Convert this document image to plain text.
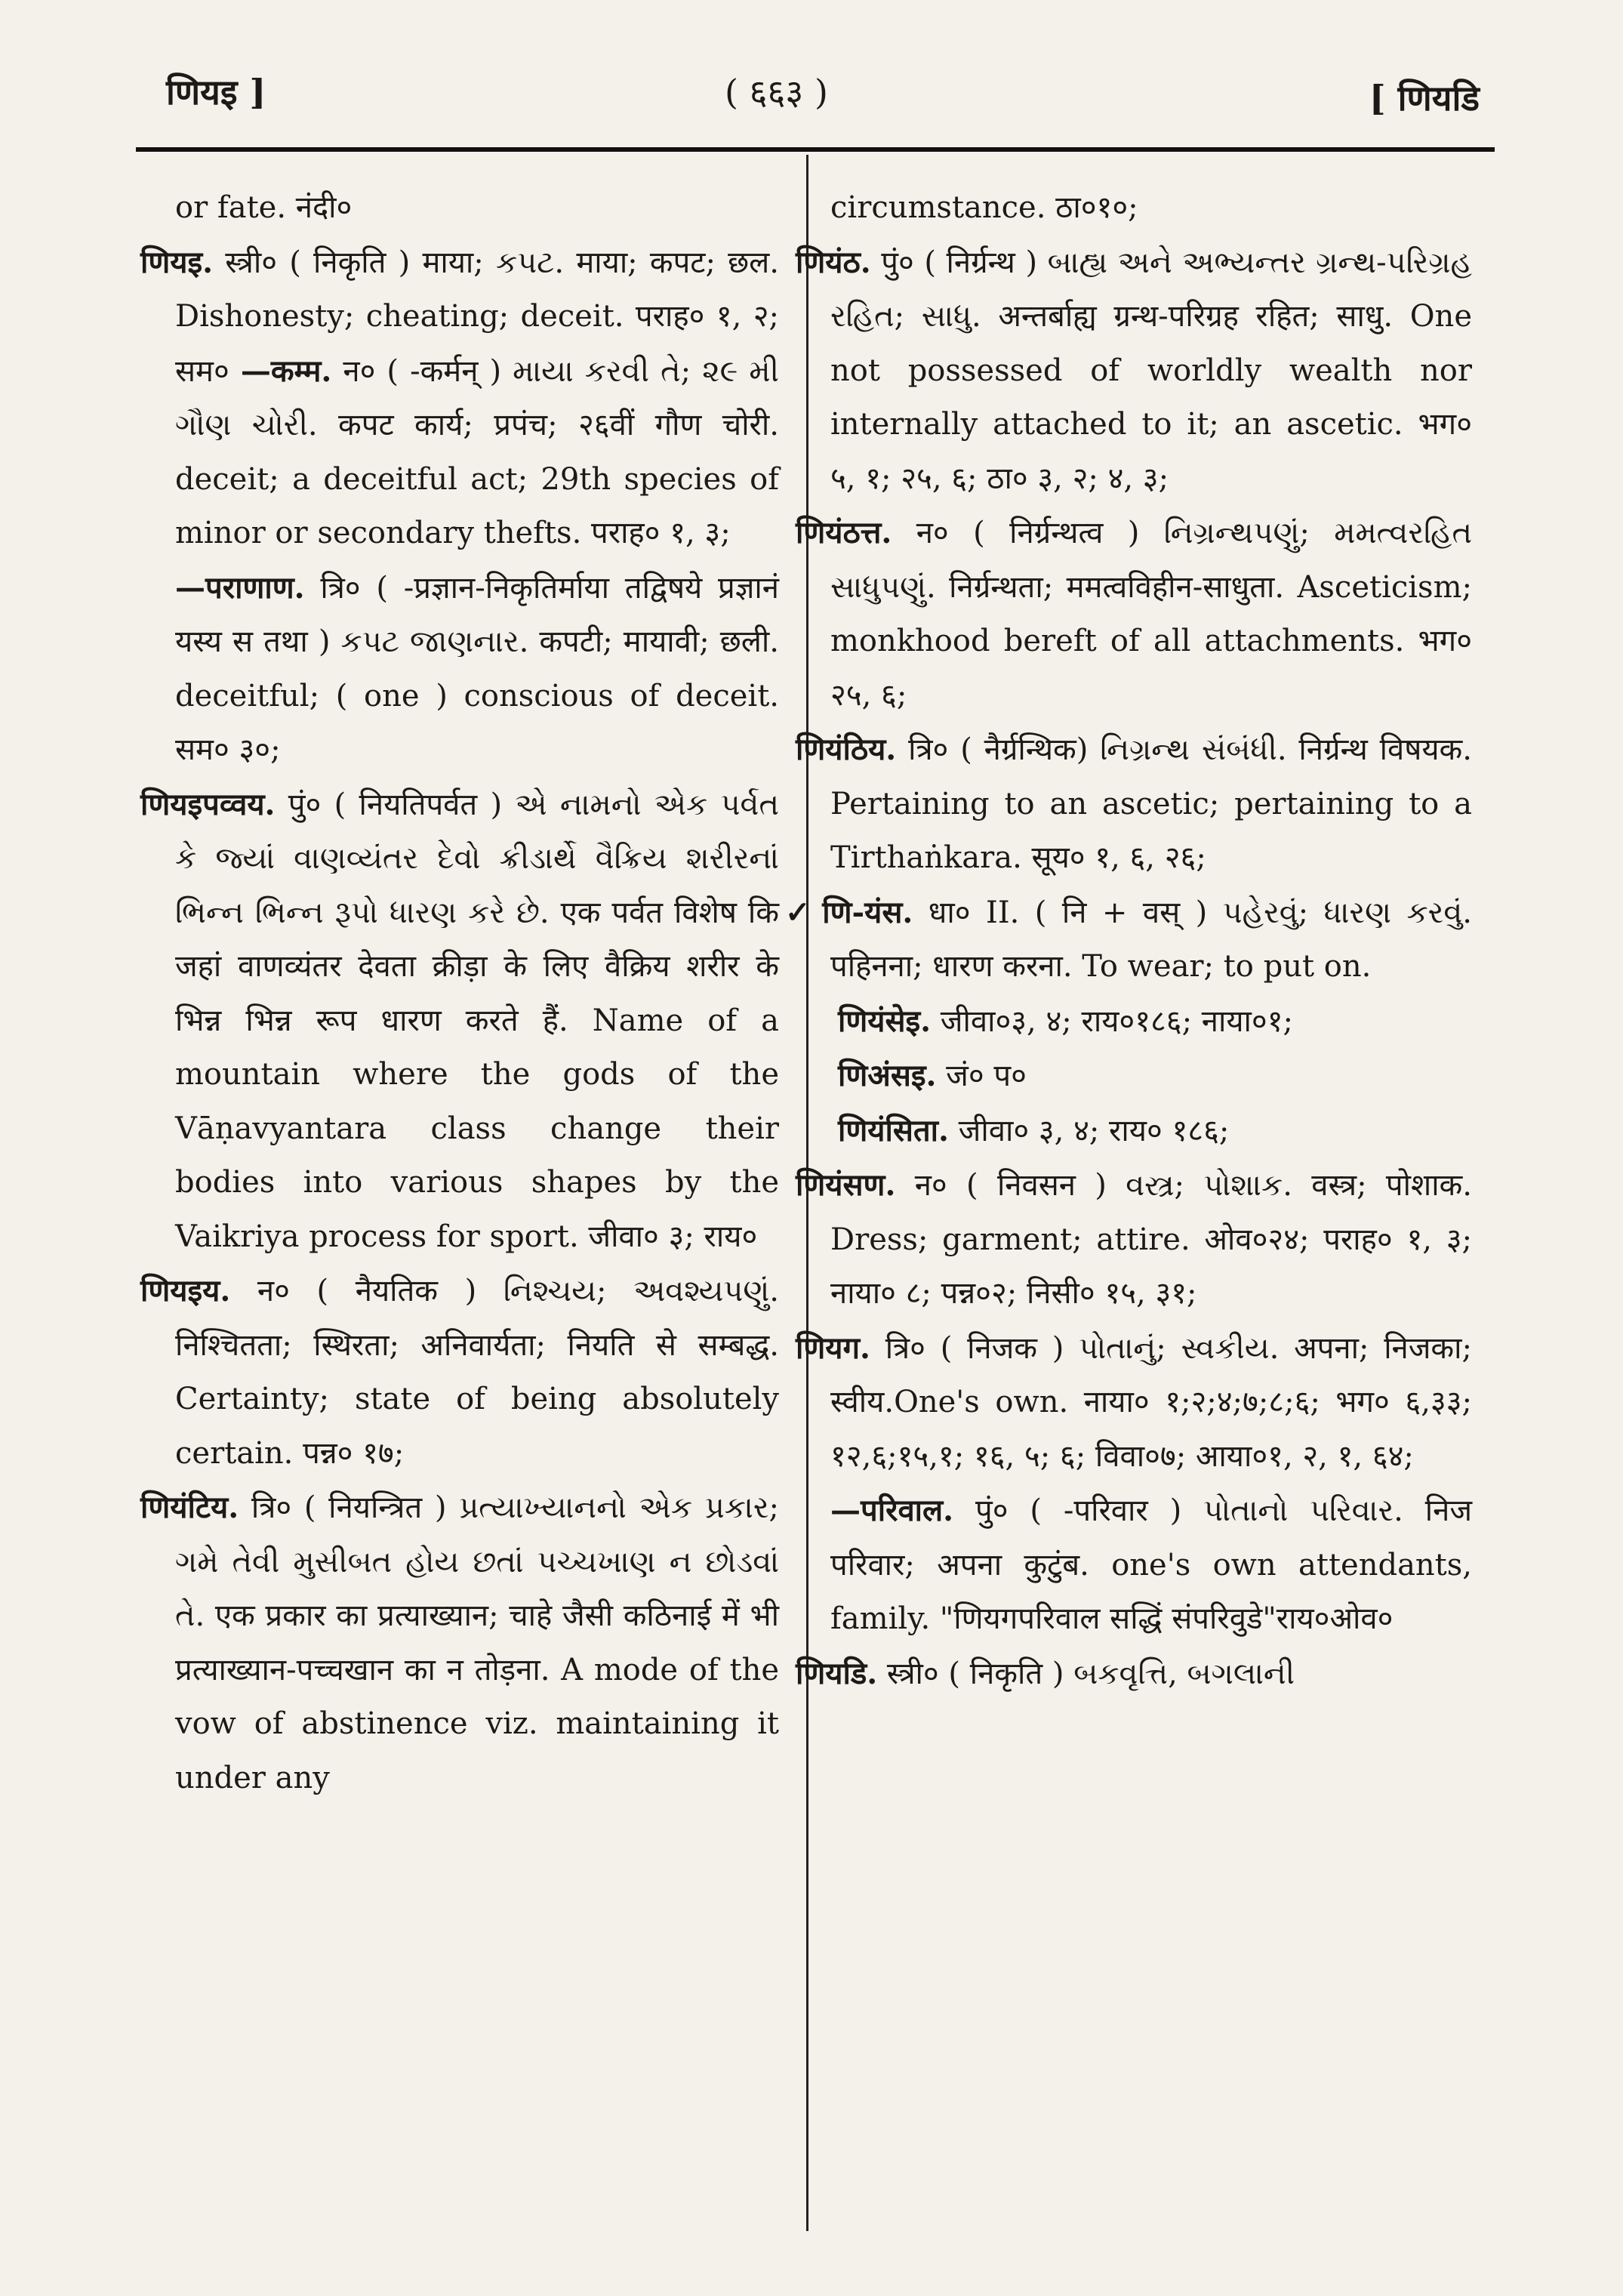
णियइ ]	( ६६३ )	[ णियडि

or fate. नंदी०

णियइ. स्त्री० ( निकृति ) माया; કપટ. माया; कपट; छल. Dishonesty; cheating; deceit. पराह० १, २; सम० —कम्म. न० ( -कर्मन् ) માયા કરવી તે; ૨૯ મી ગૌણ ચોરી. कपट कार्य; प्रपंच; २६वीं गौण चोरी. deceit; a deceitful act; 29th species of minor or secondary thefts. पराह० १, ३;

—पराणाण. त्रि० ( -प्रज्ञान-निकृतिर्माया तद्विषये प्रज्ञानं यस्य स तथा ) કપટ જાણનાર. कपटी; मायावी; छली. deceitful; ( one ) conscious of deceit. सम० ३०;

णियइपव्वय. पुं० ( नियतिपर्वत ) એ નામનો એક પર્વત કે જ્યાં વાણવ્યંતર દેવો ક્રીડાર્થે વૈક્રિય શરીરનાં ભિન્ન ભિન્ન રૂપો ધારણ કરે છે. एक पर्वत विशेष कि जहां वाणव्यंतर देवता क्रीड़ा के लिए वैक्रिय शरीर के भिन्न भिन्न रूप धारण करते हैं. Name of a mountain where the gods of the Vāṇavyantara class change their bodies into various shapes by the Vaikriya process for sport. जीवा० ३; राय०

णियइय. न० ( नैयतिक ) નિશ્ચય; અવશ્યપણું. निश्चितता; स्थिरता; अनिवार्यता; नियति से सम्बद्ध. Certainty; state of being absolutely certain. पन्न० १७;

णियंटिय. त्रि० ( नियन्त्रित ) પ્રત્યાખ્યાનનો એક પ્રકાર; ગમે તેવી મુસીબત હોય છતાં પચ્ચખાણ ન છોડવાં તે. एक प्रकार का प्रत्याख्यान; चाहे जैसी कठिनाई में भी प्रत्याख्यान-पच्चखान का न तोड़ना. A mode of the vow of abstinence viz. maintaining it under any

circumstance. ठा०१०;

णियंठ. पुं० ( निर्ग्रन्थ ) બાહ્ય અને અભ્યન્તર ગ્રન્થ-પરિગ્રહ રહિત; સાધુ. अन्तर्बाह्य ग्रन्थ-परिग्रह रहित; साधु. One not possessed of worldly wealth nor internally attached to it; an ascetic. भग० ५, १; २५, ६; ठा० ३, २; ४, ३;

णियंठत्त. न० ( निर्ग्रन्थत्व ) નિગ્રન્થપણું; મમત્વરહિત સાધુપણું. निर्ग्रन्थता; ममत्वविहीन-साधुता. Asceticism; monkhood bereft of all attachments. भग० २५, ६;

णियंठिय. त्रि० ( नैर्ग्रन्थिक) નિગ્રન્થ સંબંધી. निर्ग्रन्थ विषयक. Pertaining to an ascetic; pertaining to a Tirthaṅkara. सूय० १, ६, २६;

✓ णि-यंस. धा० II. ( नि + वस् ) પહેરવું; ધારણ કરવું. पहिनना; धारण करना. To wear; to put on.

णियंसेइ. जीवा०३, ४; राय०१८६; नाया०१;

णिअंसइ. जं० प०

णियंसिता. जीवा० ३, ४; राय० १८६;

णियंसण. न० ( निवसन ) વસ્ત્ર; પોશાક. वस्त्र; पोशाक. Dress; garment; attire. ओव०२४; पराह० १, ३; नाया० ८; पन्न०२; निसी० १५, ३१;

णियग. त्रि० ( निजक ) પોતાનું; સ્વકીય. अपना; निजका; स्वीय.One's own. नाया० १;२;४;७;८;६; भग० ६,३३; १२,६;१५,१; १६, ५; ६; विवा०७; आया०१, २, १, ६४;

—परिवाल. पुं० ( -परिवार ) પોતાનો પરિવાર. निज परिवार; अपना कुटुंब. one's own attendants, family. "णियगपरिवाल सद्धिं संपरिवुडे"राय०ओव०

णियडि. स्त्री० ( निकृति ) બકવૃત્તિ, બગલાની
